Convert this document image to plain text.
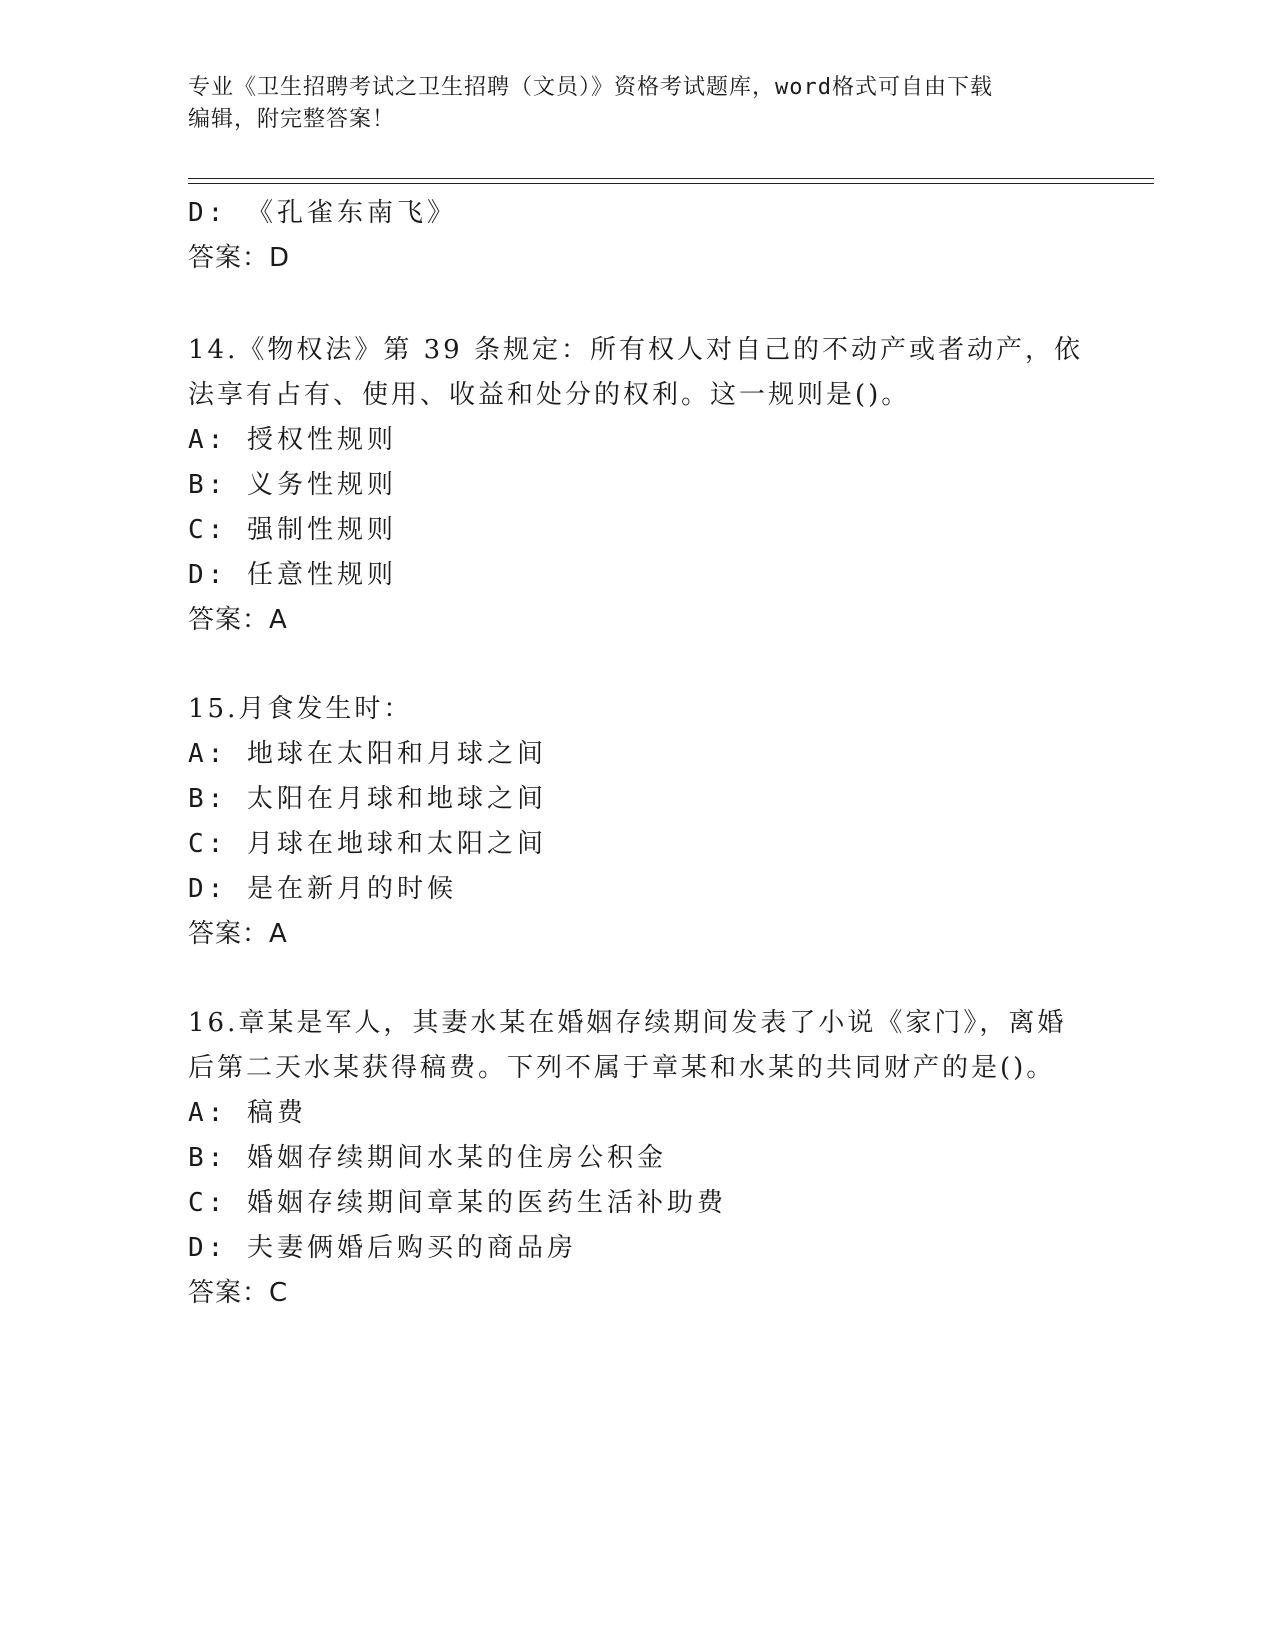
专业《卫生招聘考试之卫生招聘（文员）》资格考试题库，word格式可自由下载
编辑，附完整答案！
D: 《孔雀东南飞》
答案：D
14.《物权法》第 39 条规定：所有权人对自己的不动产或者动产，依
法享有占有、使用、收益和处分的权利。这一规则是()。
A: 授权性规则
B: 义务性规则
C: 强制性规则
D: 任意性规则
答案：A
15.月食发生时：
A: 地球在太阳和月球之间
B: 太阳在月球和地球之间
C: 月球在地球和太阳之间
D: 是在新月的时候
答案：A
16.章某是军人，其妻水某在婚姻存续期间发表了小说《家门》，离婚
后第二天水某获得稿费。下列不属于章某和水某的共同财产的是()。
A: 稿费
B: 婚姻存续期间水某的住房公积金
C: 婚姻存续期间章某的医药生活补助费
D: 夫妻俩婚后购买的商品房
答案：C
